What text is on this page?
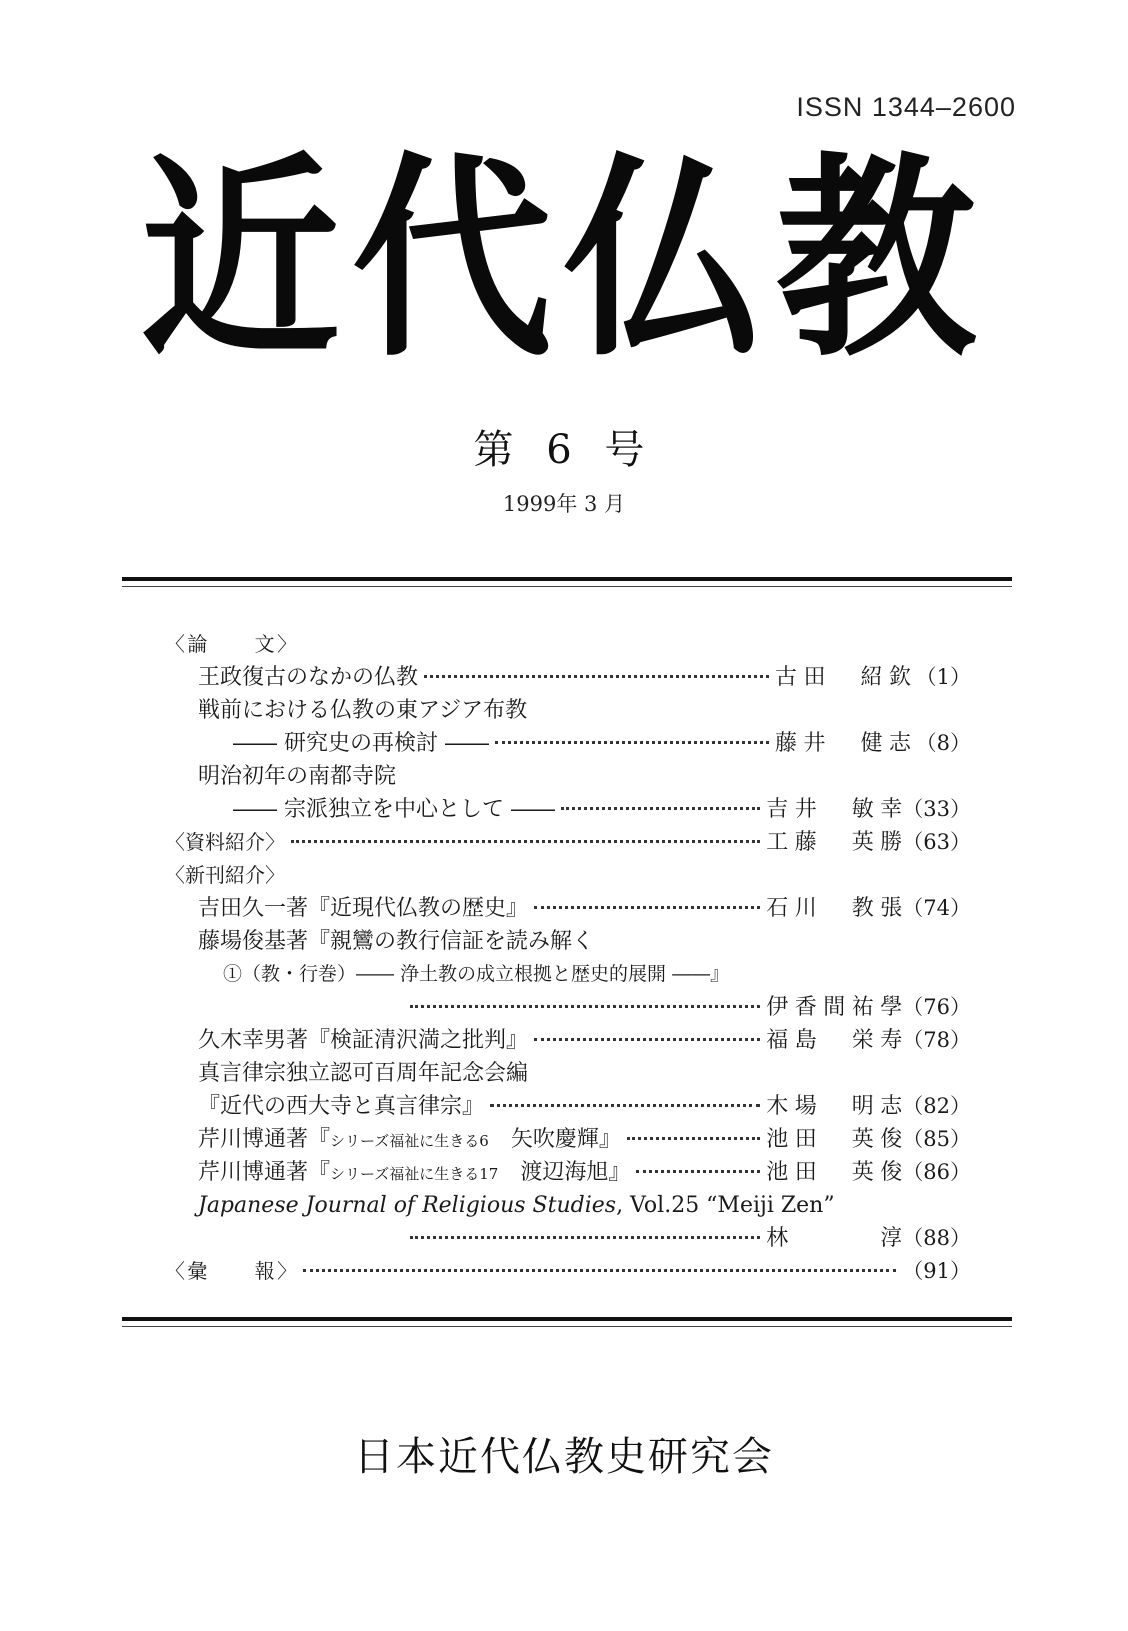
ISSN 1344–2600
近代仏教
第 6 号
1999年 3 月
〈論　　文〉
王政復古のなかの仏教	古田　紹欽 （1）
戦前における仏教の東アジア布教
―― 研究史の再検討 ――	藤井　健志 （8）
明治初年の南都寺院
―― 宗派独立を中心として ――	吉井　敏幸 （33）
〈資料紹介〉	工藤　英勝 （63）
〈新刊紹介〉
吉田久一著『近現代仏教の歴史』	石川　教張 （74）
藤場俊基著『親鸞の教行信証を読み解く
①（教・行巻）―― 浄土教の成立根拠と歴史的展開 ――』
伊香間祐學 （76）
久木幸男著『検証清沢満之批判』	福島　栄寿 （78）
真言律宗独立認可百周年記念会編
『近代の西大寺と真言律宗』	木場　明志 （82）
芹川博通著『シリーズ福祉に生きる6　矢吹慶輝』	池田　英俊 （85）
芹川博通著『シリーズ福祉に生きる17　渡辺海旭』	池田　英俊 （86）
Japanese Journal of Religious Studies, Vol.25 “Meiji Zen”
林　　　淳 （88）
〈彙　　報〉	（91）
日本近代仏教史研究会
